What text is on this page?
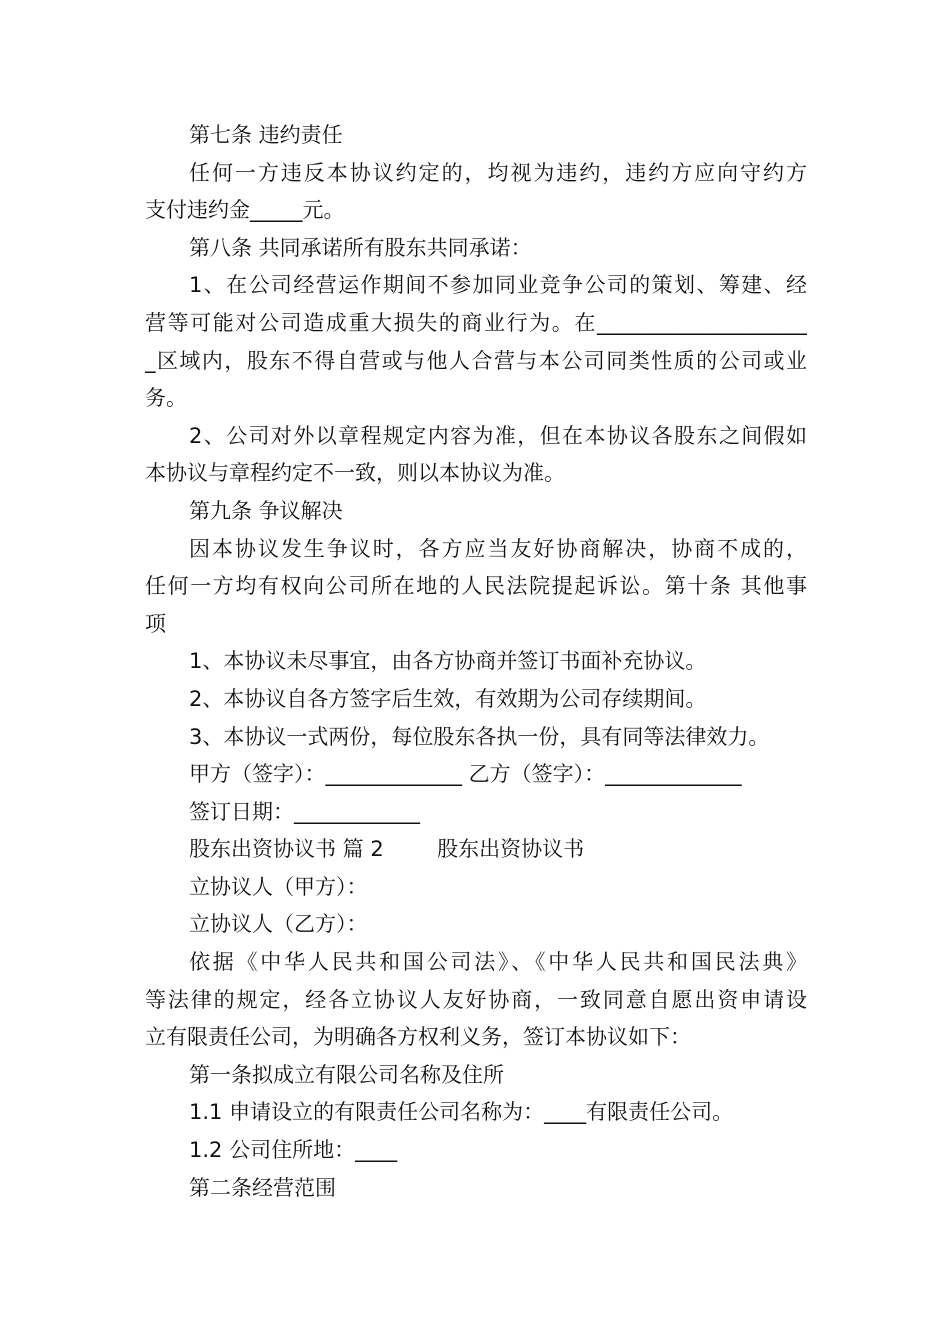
第七条 违约责任
任何一方违反本协议约定的，均视为违约，违约方应向守约方
支付违约金_____元。
第八条 共同承诺所有股东共同承诺：
1、在公司经营运作期间不参加同业竞争公司的策划、筹建、经
营等可能对公司造成重大损失的商业行为。在____________________
_区域内，股东不得自营或与他人合营与本公司同类性质的公司或业
务。
2、公司对外以章程规定内容为准，但在本协议各股东之间假如
本协议与章程约定不一致，则以本协议为准。
第九条 争议解决
因本协议发生争议时，各方应当友好协商解决，协商不成的，
任何一方均有权向公司所在地的人民法院提起诉讼。第十条 其他事
项
1、本协议未尽事宜，由各方协商并签订书面补充协议。
2、本协议自各方签字后生效，有效期为公司存续期间。
3、本协议一式两份，每位股东各执一份，具有同等法律效力。
甲方（签字）：_____________ 乙方（签字）：_____________
签订日期：____________
股东出资协议书 篇 2        股东出资协议书
立协议人（甲方）：
立协议人（乙方）：
依据《中华人民共和国公司法》、《中华人民共和国民法典》
等法律的规定，经各立协议人友好协商，一致同意自愿出资申请设
立有限责任公司，为明确各方权利义务，签订本协议如下：
第一条拟成立有限公司名称及住所
1.1 申请设立的有限责任公司名称为：____有限责任公司。
1.2 公司住所地：____
第二条经营范围
